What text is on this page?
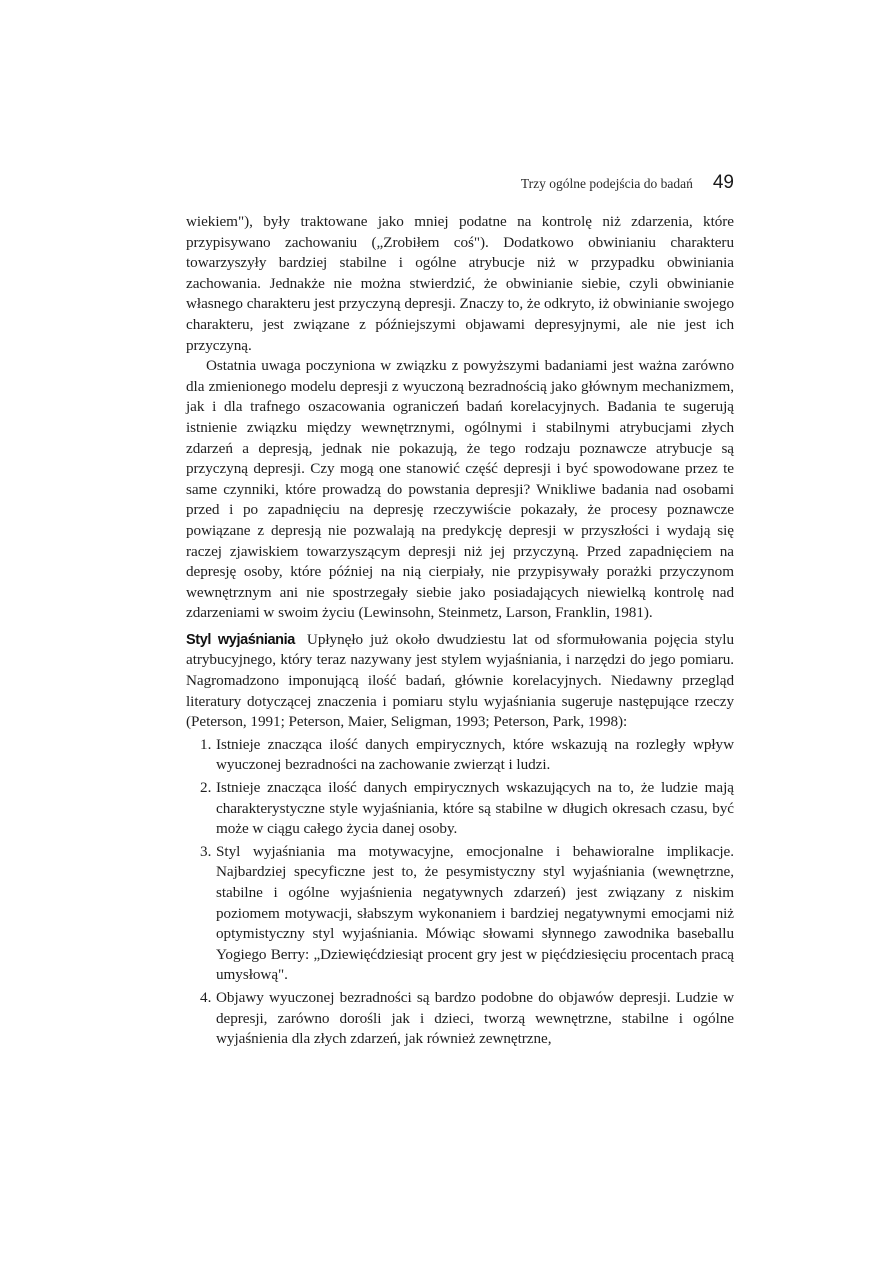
Trzy ogólne podejścia do badań 49

wiekiem"), były traktowane jako mniej podatne na kontrolę niż zdarzenia, które przypisywano zachowaniu („Zrobiłem coś"). Dodatkowo obwinianiu charakteru towarzyszyły bardziej stabilne i ogólne atrybucje niż w przypadku obwiniania zachowania. Jednakże nie można stwierdzić, że obwinianie siebie, czyli obwinianie własnego charakteru jest przyczyną depresji. Znaczy to, że odkryto, iż obwinianie swojego charakteru, jest związane z późniejszymi objawami depresyjnymi, ale nie jest ich przyczyną.

Ostatnia uwaga poczyniona w związku z powyższymi badaniami jest ważna zarówno dla zmienionego modelu depresji z wyuczoną bezradnością jako głównym mechanizmem, jak i dla trafnego oszacowania ograniczeń badań korelacyjnych. Badania te sugerują istnienie związku między wewnętrznymi, ogólnymi i stabilnymi atrybucjami złych zdarzeń a depresją, jednak nie pokazują, że tego rodzaju poznawcze atrybucje są przyczyną depresji. Czy mogą one stanowić część depresji i być spowodowane przez te same czynniki, które prowadzą do powstania depresji? Wnikliwe badania nad osobami przed i po zapadnięciu na depresję rzeczywiście pokazały, że procesy poznawcze powiązane z depresją nie pozwalają na predykcję depresji w przyszłości i wydają się raczej zjawiskiem towarzyszącym depresji niż jej przyczyną. Przed zapadnięciem na depresję osoby, które później na nią cierpiały, nie przypisywały porażki przyczynom wewnętrznym ani nie spostrzegały siebie jako posiadających niewielką kontrolę nad zdarzeniami w swoim życiu (Lewinsohn, Steinmetz, Larson, Franklin, 1981).

Styl wyjaśniania Upłynęło już około dwudziestu lat od sformułowania pojęcia stylu atrybucyjnego, który teraz nazywany jest stylem wyjaśniania, i narzędzi do jego pomiaru. Nagromadzono imponującą ilość badań, głównie korelacyjnych. Niedawny przegląd literatury dotyczącej znaczenia i pomiaru stylu wyjaśniania sugeruje następujące rzeczy (Peterson, 1991; Peterson, Maier, Seligman, 1993; Peterson, Park, 1998):

1. Istnieje znacząca ilość danych empirycznych, które wskazują na rozległy wpływ wyuczonej bezradności na zachowanie zwierząt i ludzi.

2. Istnieje znacząca ilość danych empirycznych wskazujących na to, że ludzie mają charakterystyczne style wyjaśniania, które są stabilne w długich okresach czasu, być może w ciągu całego życia danej osoby.

3. Styl wyjaśniania ma motywacyjne, emocjonalne i behawioralne implikacje. Najbardziej specyficzne jest to, że pesymistyczny styl wyjaśniania (wewnętrzne, stabilne i ogólne wyjaśnienia negatywnych zdarzeń) jest związany z niskim poziomem motywacji, słabszym wykonaniem i bardziej negatywnymi emocjami niż optymistyczny styl wyjaśniania. Mówiąc słowami słynnego zawodnika baseballu Yogiego Berry: „Dziewięćdziesiąt procent gry jest w pięćdziesięciu procentach pracą umysłową".

4. Objawy wyuczonej bezradności są bardzo podobne do objawów depresji. Ludzie w depresji, zarówno dorośli jak i dzieci, tworzą wewnętrzne, stabilne i ogólne wyjaśnienia dla złych zdarzeń, jak również zewnętrzne,
